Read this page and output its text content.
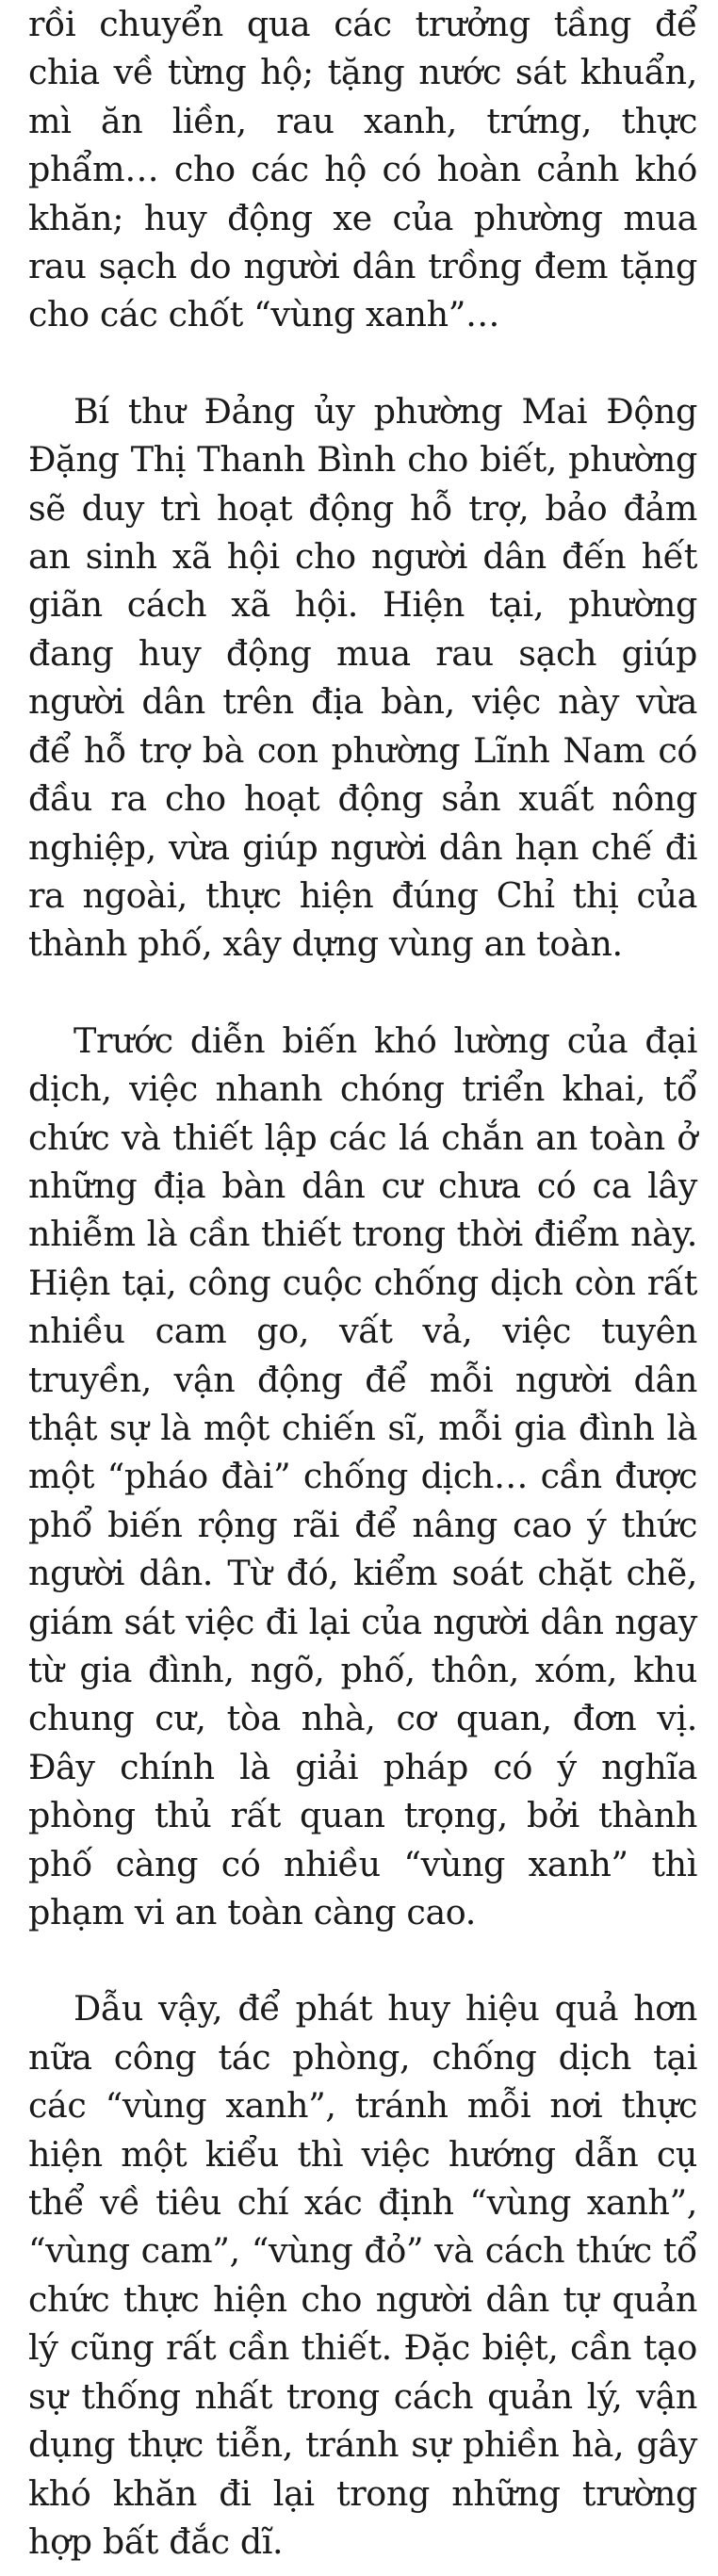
rồi chuyển qua các trưởng tầng để chia về từng hộ; tặng nước sát khuẩn, mì ăn liền, rau xanh, trứng, thực phẩm… cho các hộ có hoàn cảnh khó khăn; huy động xe của phường mua rau sạch do người dân trồng đem tặng cho các chốt “vùng xanh”…

Bí thư Đảng ủy phường Mai Động Đặng Thị Thanh Bình cho biết, phường sẽ duy trì hoạt động hỗ trợ, bảo đảm an sinh xã hội cho người dân đến hết giãn cách xã hội. Hiện tại, phường đang huy động mua rau sạch giúp người dân trên địa bàn, việc này vừa để hỗ trợ bà con phường Lĩnh Nam có đầu ra cho hoạt động sản xuất nông nghiệp, vừa giúp người dân hạn chế đi ra ngoài, thực hiện đúng Chỉ thị của thành phố, xây dựng vùng an toàn.

Trước diễn biến khó lường của đại dịch, việc nhanh chóng triển khai, tổ chức và thiết lập các lá chắn an toàn ở những địa bàn dân cư chưa có ca lây nhiễm là cần thiết trong thời điểm này. Hiện tại, công cuộc chống dịch còn rất nhiều cam go, vất vả, việc tuyên truyền, vận động để mỗi người dân thật sự là một chiến sĩ, mỗi gia đình là một “pháo đài” chống dịch… cần được phổ biến rộng rãi để nâng cao ý thức người dân. Từ đó, kiểm soát chặt chẽ, giám sát việc đi lại của người dân ngay từ gia đình, ngõ, phố, thôn, xóm, khu chung cư, tòa nhà, cơ quan, đơn vị. Đây chính là giải pháp có ý nghĩa phòng thủ rất quan trọng, bởi thành phố càng có nhiều “vùng xanh” thì phạm vi an toàn càng cao.

Dẫu vậy, để phát huy hiệu quả hơn nữa công tác phòng, chống dịch tại các “vùng xanh”, tránh mỗi nơi thực hiện một kiểu thì việc hướng dẫn cụ thể về tiêu chí xác định “vùng xanh”, “vùng cam”, “vùng đỏ” và cách thức tổ chức thực hiện cho người dân tự quản lý cũng rất cần thiết. Đặc biệt, cần tạo sự thống nhất trong cách quản lý, vận dụng thực tiễn, tránh sự phiền hà, gây khó khăn đi lại trong những trường hợp bất đắc dĩ.
